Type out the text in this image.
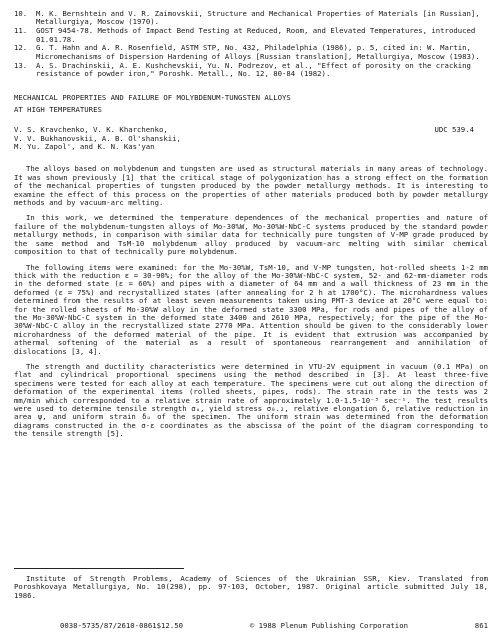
10.	M. K. Bernshtein and V. R. Zaimovskii, Structure and Mechanical Properties of Materials [in Russian], Metallurgiya, Moscow (1970).
11.	GOST 9454-78. Methods of Impact Bend Testing at Reduced, Room, and Elevated Temperatures, introduced 01.01.78.
12.	G. T. Hahn and A. R. Rosenfield, ASTM STP, No. 432, Philadelphia (1986), p. 5, cited in: W. Martin, Micromechanisms of Dispersion Hardening of Alloys [Russian translation], Metallurgiya, Moscow (1983).
13.	A. S. Drachinskii, A. E. Kushchevskii, Yu. N. Podrezov, et al., "Effect of porosity on the cracking resistance of powder iron," Poroshk. Metall., No. 12, 80-84 (1982).
MECHANICAL PROPERTIES AND FAILURE OF MOLYBDENUM-TUNGSTEN ALLOYS
AT HIGH TEMPERATURES
V. S. Kravchenko, V. K. Kharchenko,
V. V. Bukhanovskii, A. B. Ol'shanskii,
M. Yu. Zapol', and K. N. Kas'yan
UDC 539.4

The alloys based on molybdenum and tungsten are used as structural materials in many areas of technology. It was shown previously [1] that the critical stage of polygonization has a strong effect on the formation of the mechanical properties of tungsten produced by the powder metallurgy methods. It is interesting to examine the effect of this process on the properties of other materials produced both by powder metallurgy methods and by vacuum-arc melting.

In this work, we determined the temperature dependences of the mechanical properties and nature of failure of the molybdenum-tungsten alloys of Mo-30%W, Mo-30%W-NbC-C systems produced by the standard powder metallurgy methods, in comparison with similar data for technically pure tungsten of V-MP grade produced by the same method and TsM-10 molybdenum alloy produced by vacuum-arc melting with similar chemical composition to that of technically pure molybdenum.

The following items were examined: for the Mo-30%W, TsM-10, and V-MP tungsten, hot-rolled sheets 1-2 mm thick with the reduction ε = 30-90%; for the alloy of the Mo-30%W-NbC-C system, 52- and 62-mm-diameter rods in the deformed state (ε = 60%) and pipes with a diameter of 64 mm and a wall thickness of 23 mm in the deformed (ε = 75%) and recrystallized states (after annealing for 2 h at 1700°C). The microhardness values determined from the results of at least seven measurements taken using PMT-3 device at 20°C were equal to: for the rolled sheets of Mo-30%W alloy in the deformed state 3300 MPa, for rods and pipes of the alloy of the Mo-30%W-NbC-C system in the deformed state 3400 and 2610 MPa, respectively; for the pipe of the Mo-30%W-NbC-C alloy in the recrystallized state 2770 MPa. Attention should be given to the considerably lower microhardness of the deformed material of the pipe. It is evident that extrusion was accompanied by athermal softening of the material as a result of spontaneous rearrangement and annihilation of dislocations [3, 4].

The strength and ductility characteristics were determined in VTU-2V equipment in vacuum (0.1 MPa) on flat and cylindrical proportional specimens using the method described in [3]. At least three-five specimens were tested for each alloy at each temperature. The specimens were cut out along the direction of deformation of the experimental items (rolled sheets, pipes, rods). The strain rate in the tests was 2 mm/min which corresponded to a relative strain rate of approximately 1.0-1.5·10⁻³ sec⁻¹. The test results were used to determine tensile strength σᵤ, yield stress σ₀.₂, relative elongation δ, relative reduction in area ψ, and uniform strain δᵤ of the specimen. The uniform strain was determined from the deformation diagrams constructed in the σ-ε coordinates as the abscissa of the point of the diagram corresponding to the tensile strength [5].

Institute of Strength Problems, Academy of Sciences of the Ukrainian SSR, Kiev. Translated from Poroshkovaya Metallurgiya, No. 10(298), pp. 97-103, October, 1987. Original article submitted July 18, 1986.
0038-5735/87/2610-0861$12.50	© 1988 Plenum Publishing Corporation	861
